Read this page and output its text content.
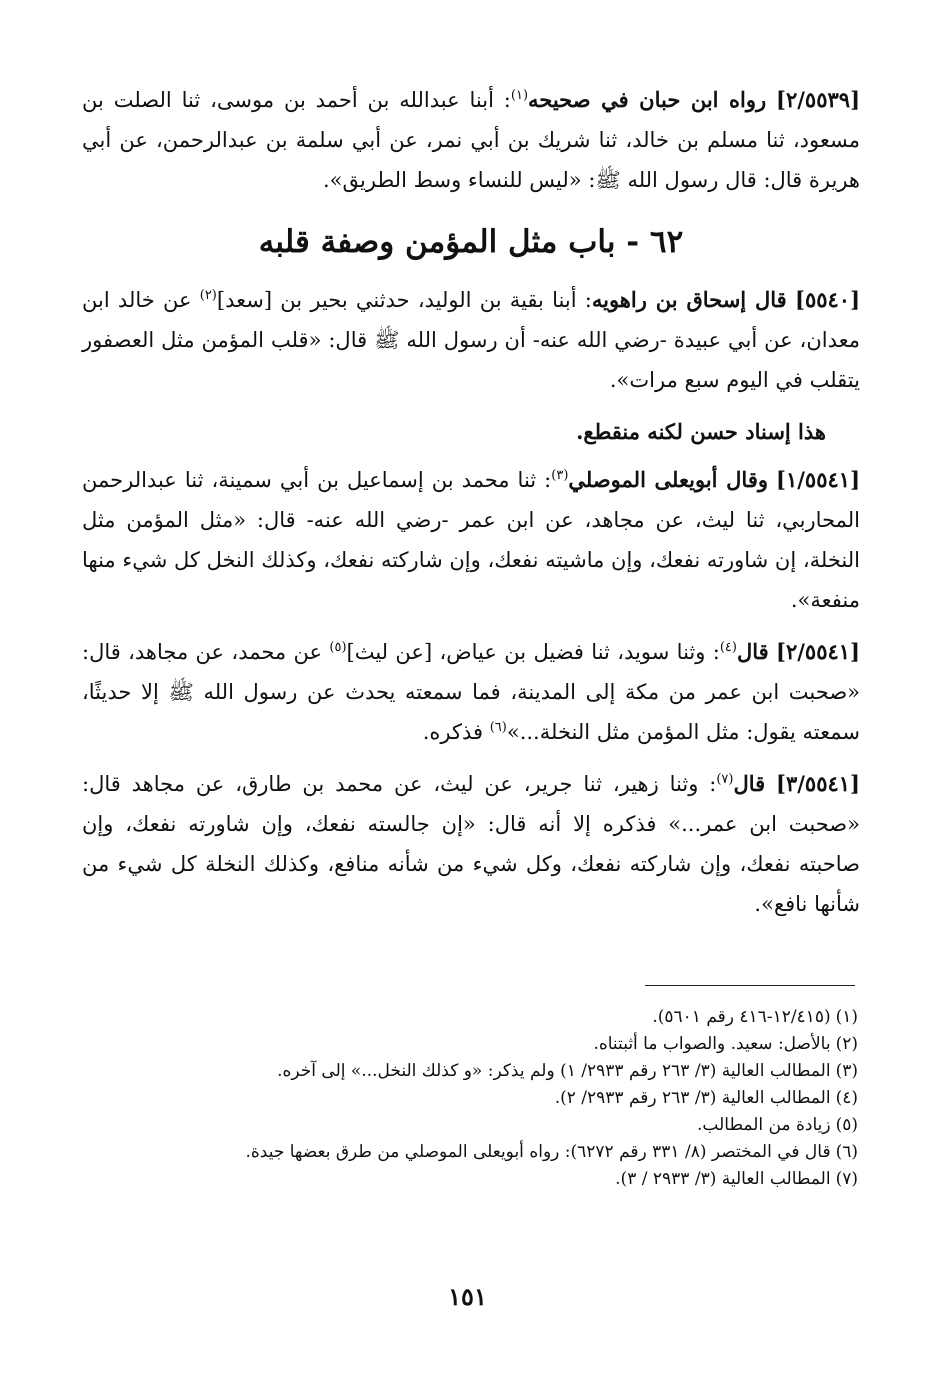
[٢/٥٥٣٩] رواه ابن حبان في صحيحه$^{(١)}$: أبنا عبدالله بن أحمد بن موسى، ثنا الصلت بن مسعود، ثنا مسلم بن خالد، ثنا شريك بن أبي نمر، عن أبي سلمة بن عبدالرحمن، عن أبي هريرة قال: قال رسول الله ﷺ: «ليس للنساء وسط الطريق».

٦٢ - باب مثل المؤمن وصفة قلبه

[٥٥٤٠] قال إسحاق بن راهويه: أبنا بقية بن الوليد، حدثني بحير بن [سعد]$^{(٢)}$ عن خالد ابن معدان، عن أبي عبيدة -رضي الله عنه- أن رسول الله ﷺ قال: «قلب المؤمن مثل العصفور يتقلب في اليوم سبع مرات».

هذا إسناد حسن لكنه منقطع.

[١/٥٥٤١] وقال أبويعلى الموصلي$^{(٣)}$: ثنا محمد بن إسماعيل بن أبي سمينة، ثنا عبدالرحمن المحاربي، ثنا ليث، عن مجاهد، عن ابن عمر -رضي الله عنه- قال: «مثل المؤمن مثل النخلة، إن شاورته نفعك، وإن ماشيته نفعك، وإن شاركته نفعك، وكذلك النخل كل شيء منها منفعة».

[٢/٥٥٤١] قال$^{(٤)}$: وثنا سويد، ثنا فضيل بن عياض، [عن ليث]$^{(٥)}$ عن محمد، عن مجاهد، قال: «صحبت ابن عمر من مكة إلى المدينة، فما سمعته يحدث عن رسول الله ﷺ إلا حديثًا، سمعته يقول: مثل المؤمن مثل النخلة...»$^{(٦)}$ فذكره.

[٣/٥٥٤١] قال$^{(٧)}$: وثنا زهير، ثنا جرير، عن ليث، عن محمد بن طارق، عن مجاهد قال: «صحبت ابن عمر...» فذكره إلا أنه قال: «إن جالسته نفعك، وإن شاورته نفعك، وإن صاحبته نفعك، وإن شاركته نفعك، وكل شيء من شأنه منافع، وكذلك النخلة كل شيء من شأنها نافع».

(١) (١٢/٤١٥-٤١٦ رقم ٥٦٠١).

(٢) بالأصل: سعيد. والصواب ما أثبتناه.

(٣) المطالب العالية (٣/ ٢٦٣ رقم ٢٩٣٣/ ١) ولم يذكر: «و كذلك النخل...» إلى آخره.

(٤) المطالب العالية (٣/ ٢٦٣ رقم ٢٩٣٣/ ٢).

(٥) زيادة من المطالب.

(٦) قال في المختصر (٨/ ٣٣١ رقم ٦٢٧٢): رواه أبويعلى الموصلي من طرق بعضها جيدة.

(٧) المطالب العالية (٣/ ٢٩٣٣ / ٣).

١٥١
